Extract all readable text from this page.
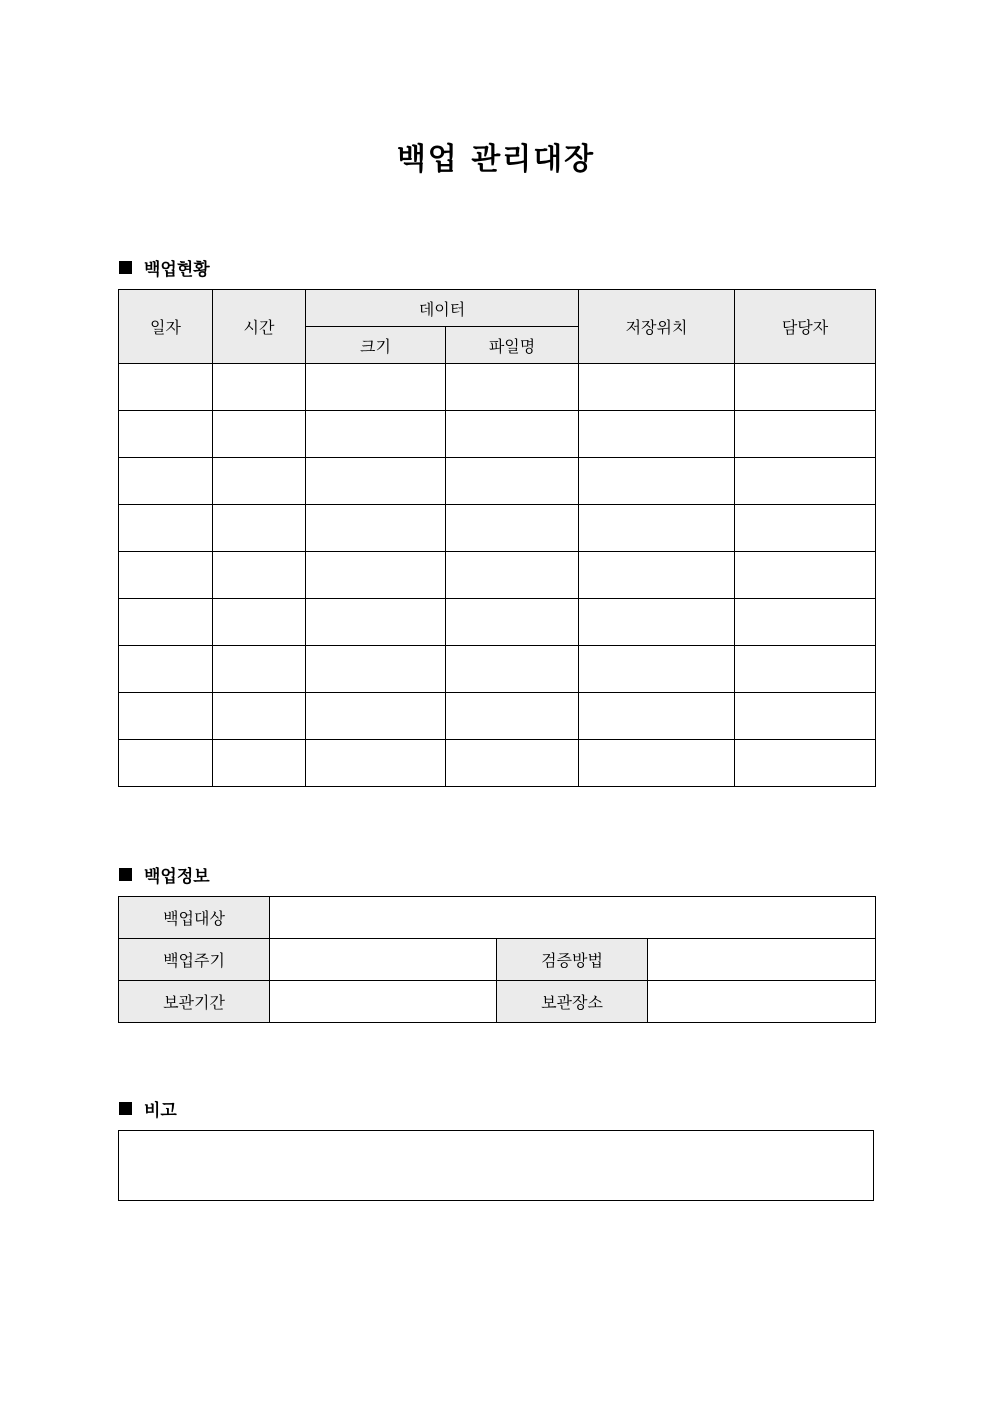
백업 관리대장
백업현황
일자	시간	데이터		저장위치	담당자
		크기	파일명		

백업정보
백업대상			
백업주기		검증방법	
보관기간		보관장소	
비고
